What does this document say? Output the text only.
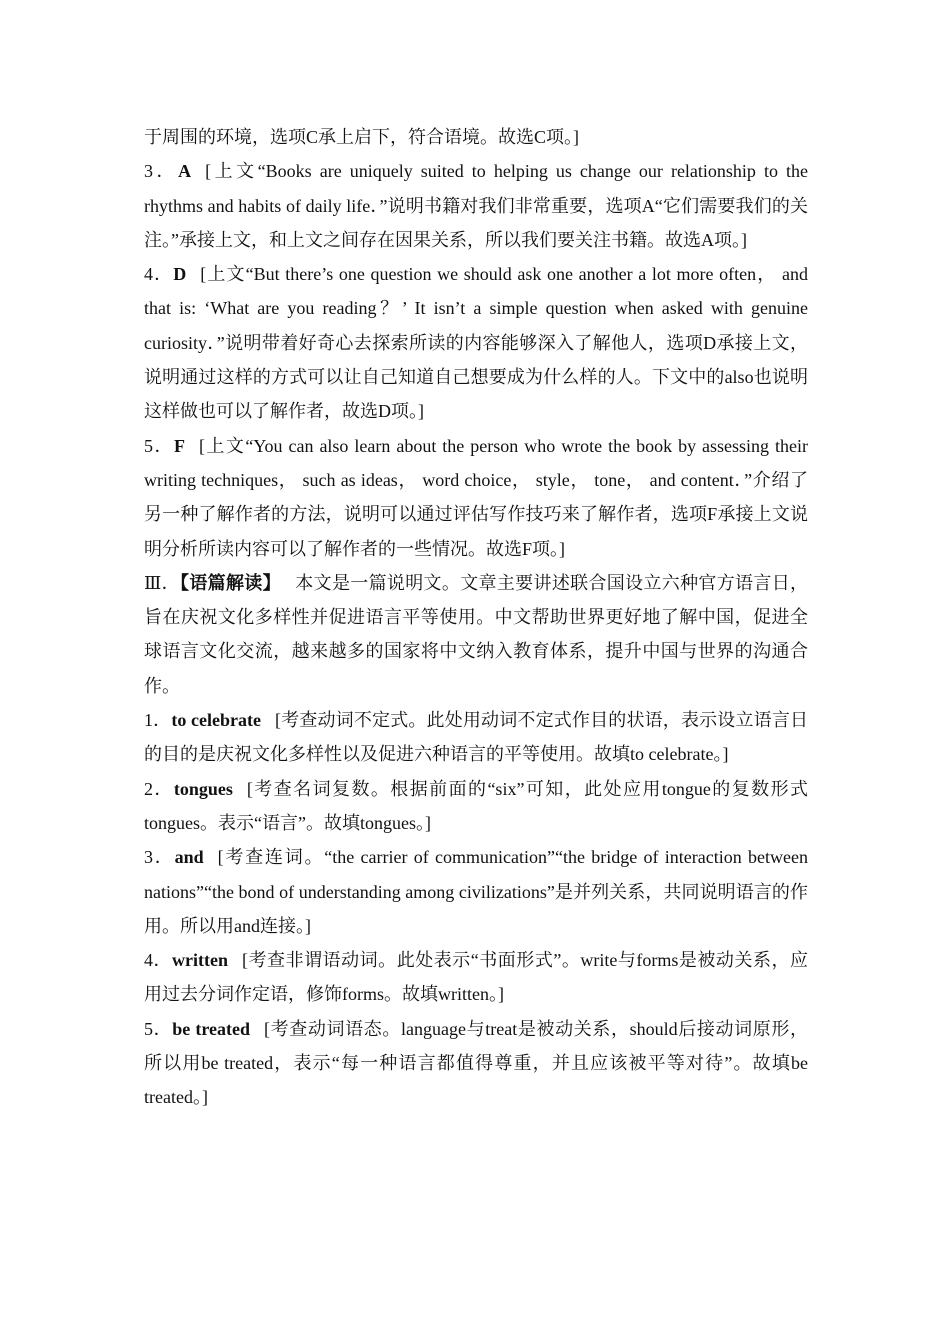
于周围的环境，选项C承上启下，符合语境。故选C项。]

3．A [上文“Books are uniquely suited to helping us change our relationship to the rhythms and habits of daily life．”说明书籍对我们非常重要，选项A“它们需要我们的关注。”承接上文，和上文之间存在因果关系，所以我们要关注书籍。故选A项。]

4．D [上文“But there’s one question we should ask one another a lot more often， and that is: ‘What are you reading？’ It isn’t a simple question when asked with genuine curiosity．”说明带着好奇心去探索所读的内容能够深入了解他人，选项D承接上文，说明通过这样的方式可以让自己知道自己想要成为什么样的人。下文中的also也说明这样做也可以了解作者，故选D项。]

5．F [上文“You can also learn about the person who wrote the book by assessing their writing techniques， such as ideas， word choice， style， tone， and content．”介绍了另一种了解作者的方法，说明可以通过评估写作技巧来了解作者，选项F承接上文说明分析所读内容可以了解作者的一些情况。故选F项。]

Ⅲ．【语篇解读】 本文是一篇说明文。文章主要讲述联合国设立六种官方语言日，旨在庆祝文化多样性并促进语言平等使用。中文帮助世界更好地了解中国，促进全球语言文化交流，越来越多的国家将中文纳入教育体系，提升中国与世界的沟通合作。

1．to celebrate [考查动词不定式。此处用动词不定式作目的状语，表示设立语言日的目的是庆祝文化多样性以及促进六种语言的平等使用。故填to celebrate。]

2．tongues [考查名词复数。根据前面的“six”可知，此处应用tongue的复数形式tongues。表示“语言”。故填tongues。]

3．and [考查连词。“the carrier of communication”“the bridge of interaction between nations”“the bond of understanding among civilizations”是并列关系，共同说明语言的作用。所以用and连接。]

4．written [考查非谓语动词。此处表示“书面形式”。write与forms是被动关系，应用过去分词作定语，修饰forms。故填written。]

5．be treated [考查动词语态。language与treat是被动关系，should后接动词原形，所以用be treated，表示“每一种语言都值得尊重，并且应该被平等对待”。故填be treated。]
